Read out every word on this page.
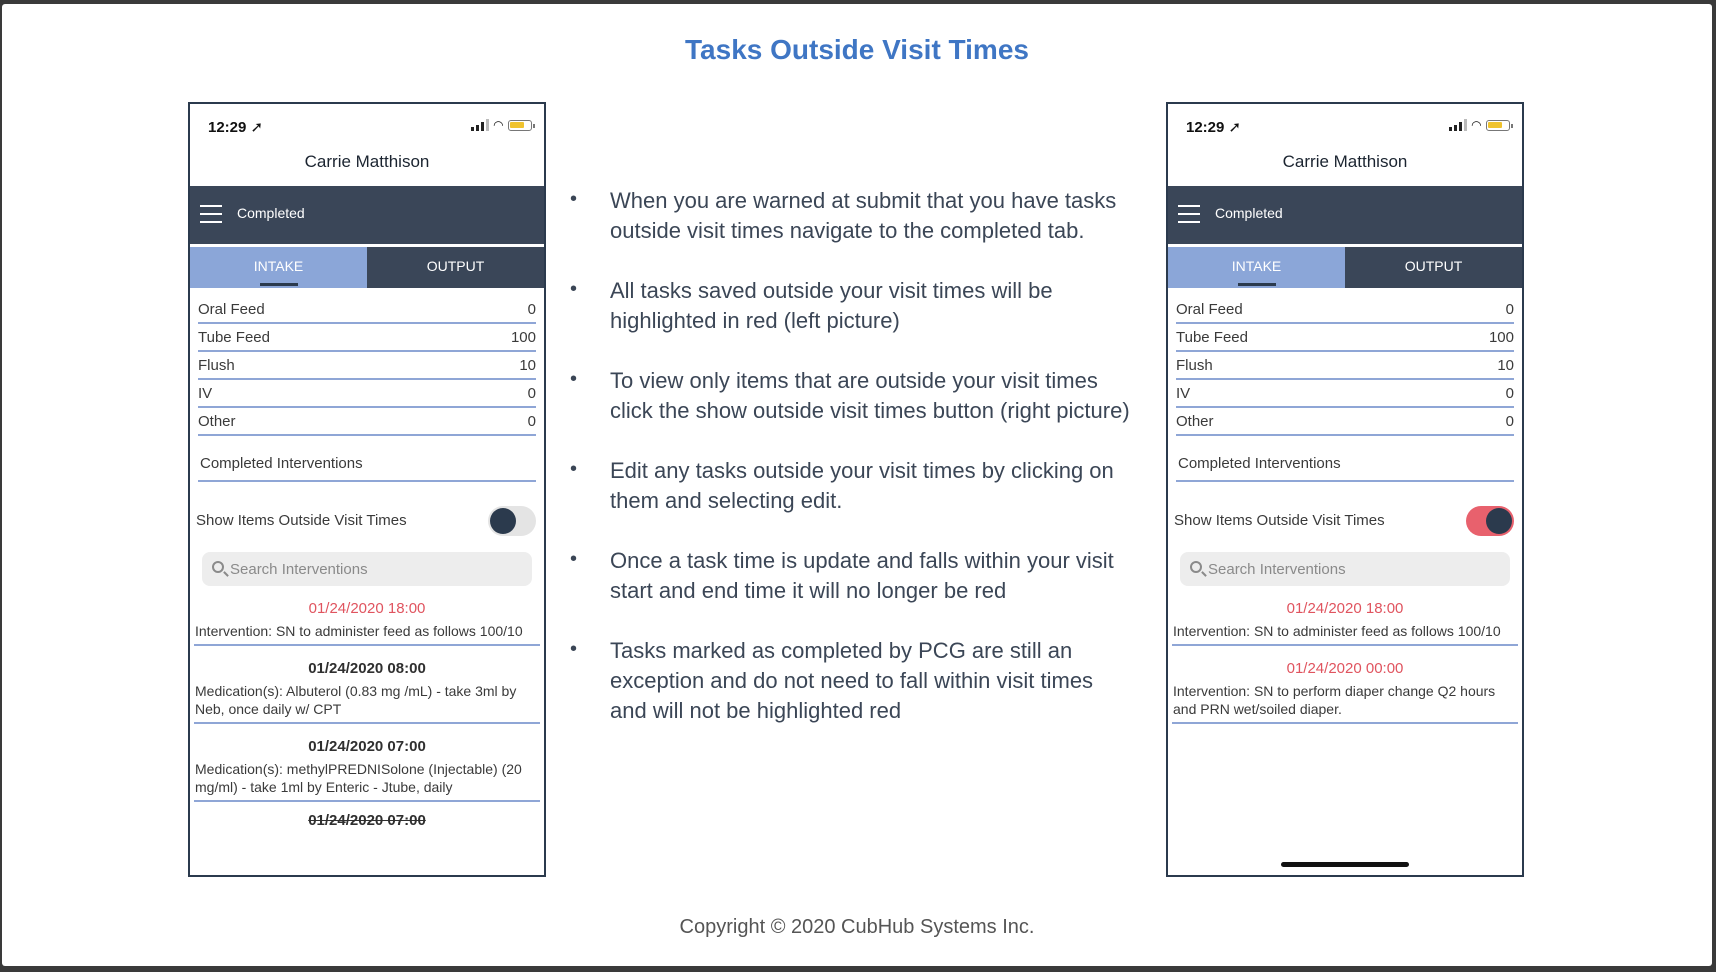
Tasks Outside Visit Times
12:29 ➚	◠
Carrie Matthison
Completed
INTAKE	OUTPUT
Oral Feed	0
Tube Feed	100
Flush	10
IV	0
Other	0
Completed Interventions
Show Items Outside Visit Times
Search Interventions
01/24/2020 18:00
Intervention: SN to administer feed as follows 100/10
01/24/2020 08:00
Medication(s): Albuterol (0.83 mg /mL) - take 3ml by Neb, once daily w/ CPT
01/24/2020 07:00
Medication(s): methylPREDNISolone (Injectable) (20 mg/ml) - take 1ml by Enteric - Jtube, daily
01/24/2020 07:00
• When you are warned at submit that you have tasks outside visit times navigate to the completed tab.
• All tasks saved outside your visit times will be highlighted in red (left picture)
• To view only items that are outside your visit times click the show outside visit times button (right picture)
• Edit any tasks outside your visit times by clicking on them and selecting edit.
• Once a task time is update and falls within your visit start and end time it will no longer be red
• Tasks marked as completed by PCG are still an exception and do not need to fall within visit times and will not be highlighted red
12:29 ➚	◠
Carrie Matthison
Completed
INTAKE	OUTPUT
Oral Feed	0
Tube Feed	100
Flush	10
IV	0
Other	0
Completed Interventions
Show Items Outside Visit Times
Search Interventions
01/24/2020 18:00
Intervention: SN to administer feed as follows 100/10
01/24/2020 00:00
Intervention: SN to perform diaper change Q2 hours and PRN wet/soiled diaper.
Copyright © 2020 CubHub Systems Inc.
